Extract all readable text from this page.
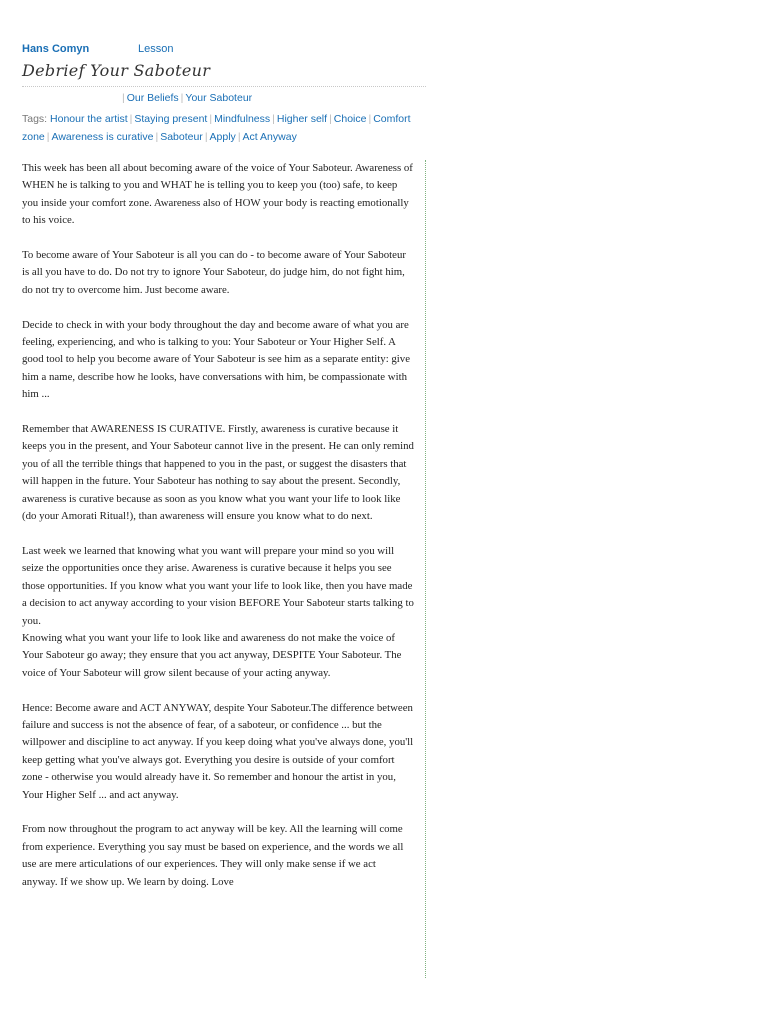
Hans Comyn	Lesson
Debrief Your Saboteur
| Our Beliefs | Your Saboteur
Tags: Honour the artist | Staying present | Mindfulness | Higher self | Choice | Comfort zone | Awareness is curative | Saboteur | Apply | Act Anyway

This week has been all about becoming aware of the voice of Your Saboteur. Awareness of WHEN he is talking to you and WHAT he is telling you to keep you (too) safe, to keep you inside your comfort zone. Awareness also of HOW your body is reacting emotionally to his voice.

To become aware of Your Saboteur is all you can do - to become aware of Your Saboteur is all you have to do. Do not try to ignore Your Saboteur, do judge him, do not fight him, do not try to overcome him. Just become aware.

Decide to check in with your body throughout the day and become aware of what you are feeling, experiencing, and who is talking to you: Your Saboteur or Your Higher Self. A good tool to help you become aware of Your Saboteur is see him as a separate entity: give him a name, describe how he looks, have conversations with him, be compassionate with him ...

Remember that AWARENESS IS CURATIVE. Firstly, awareness is curative because it keeps you in the present, and Your Saboteur cannot live in the present. He can only remind you of all the terrible things that happened to you in the past, or suggest the disasters that will happen in the future. Your Saboteur has nothing to say about the present. Secondly, awareness is curative because as soon as you know what you want your life to look like (do your Amorati Ritual!), than awareness will ensure you know what to do next.

Last week we learned that knowing what you want will prepare your mind so you will seize the opportunities once they arise. Awareness is curative because it helps you see those opportunities. If you know what you want your life to look like, then you have made a decision to act anyway according to your vision BEFORE Your Saboteur starts talking to you.

Knowing what you want your life to look like and awareness do not make the voice of Your Saboteur go away; they ensure that you act anyway, DESPITE Your Saboteur. The voice of Your Saboteur will grow silent because of your acting anyway.

Hence: Become aware and ACT ANYWAY, despite Your Saboteur.The difference between failure and success is not the absence of fear, of a saboteur, or confidence ... but the willpower and discipline to act anyway. If you keep doing what you've always done, you'll keep getting what you've always got. Everything you desire is outside of your comfort zone - otherwise you would already have it. So remember and honour the artist in you, Your Higher Self ... and act anyway.

From now throughout the program to act anyway will be key. All the learning will come from experience. Everything you say must be based on experience, and the words we all use are mere articulations of our experiences. They will only make sense if we act anyway. If we show up. We learn by doing. Love
